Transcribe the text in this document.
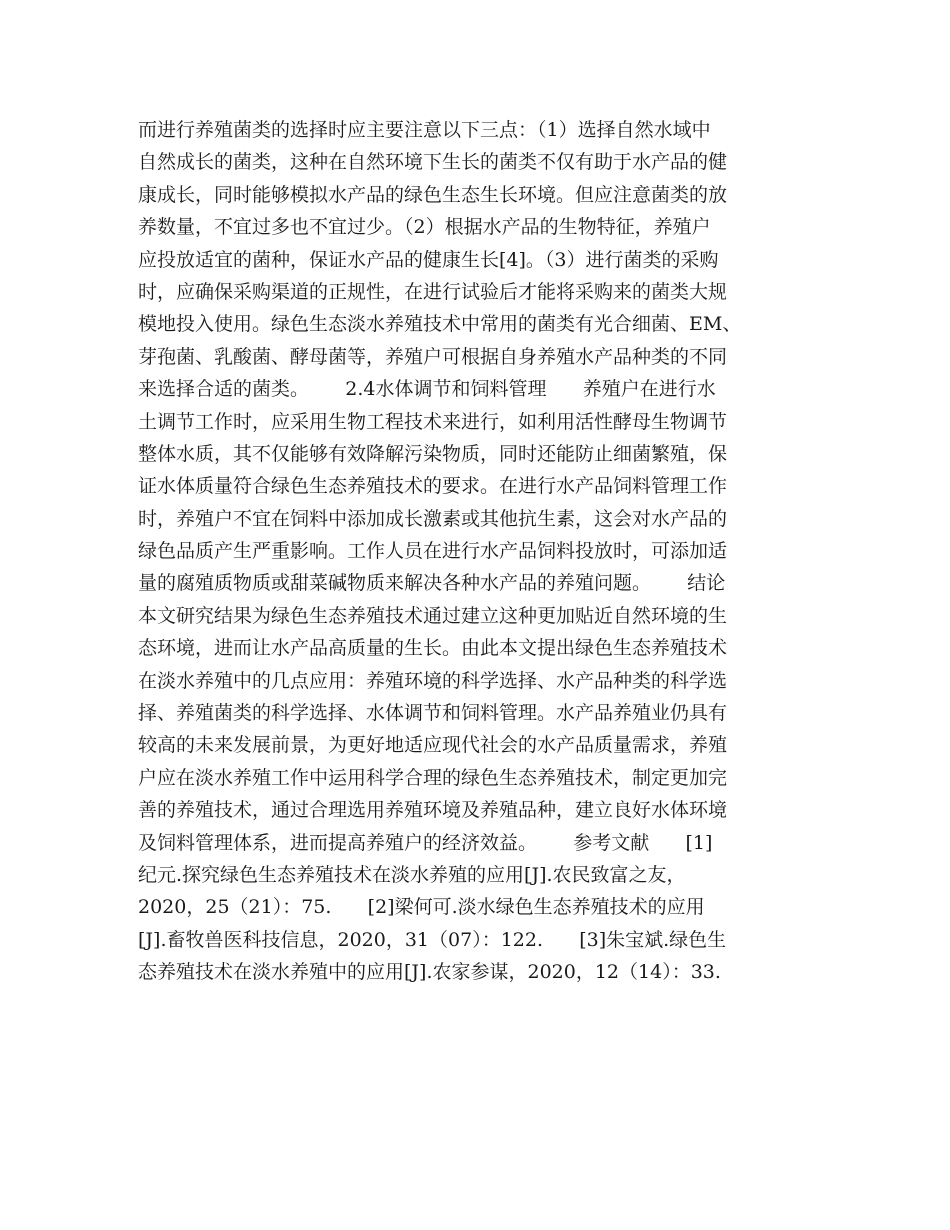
而进行养殖菌类的选择时应主要注意以下三点：（1）选择自然水域中
自然成长的菌类，这种在自然环境下生长的菌类不仅有助于水产品的健
康成长，同时能够模拟水产品的绿色生态生长环境。但应注意菌类的放
养数量，不宜过多也不宜过少。（2）根据水产品的生物特征，养殖户
应投放适宜的菌种，保证水产品的健康生长[4]。（3）进行菌类的采购
时，应确保采购渠道的正规性，在进行试验后才能将采购来的菌类大规
模地投入使用。绿色生态淡水养殖技术中常用的菌类有光合细菌、EM、
芽孢菌、乳酸菌、酵母菌等，养殖户可根据自身养殖水产品种类的不同
来选择合适的菌类。      2.4水体调节和饲料管理      养殖户在进行水
土调节工作时，应采用生物工程技术来进行，如利用活性酵母生物调节
整体水质，其不仅能够有效降解污染物质，同时还能防止细菌繁殖，保
证水体质量符合绿色生态养殖技术的要求。在进行水产品饲料管理工作
时，养殖户不宜在饲料中添加成长激素或其他抗生素，这会对水产品的
绿色品质产生严重影响。工作人员在进行水产品饲料投放时，可添加适
量的腐殖质物质或甜菜碱物质来解决各种水产品的养殖问题。      结论
本文研究结果为绿色生态养殖技术通过建立这种更加贴近自然环境的生
态环境，进而让水产品高质量的生长。由此本文提出绿色生态养殖技术
在淡水养殖中的几点应用：养殖环境的科学选择、水产品种类的科学选
择、养殖菌类的科学选择、水体调节和饲料管理。水产品养殖业仍具有
较高的未来发展前景，为更好地适应现代社会的水产品质量需求，养殖
户应在淡水养殖工作中运用科学合理的绿色生态养殖技术，制定更加完
善的养殖技术，通过合理选用养殖环境及养殖品种，建立良好水体环境
及饲料管理体系，进而提高养殖户的经济效益。      参考文献      [1]
纪元.探究绿色生态养殖技术在淡水养殖的应用[J].农民致富之友，
2020，25（21）：75.      [2]梁何可.淡水绿色生态养殖技术的应用
[J].畜牧兽医科技信息，2020，31（07）：122.      [3]朱宝斌.绿色生
态养殖技术在淡水养殖中的应用[J].农家参谋，2020，12（14）：33.
